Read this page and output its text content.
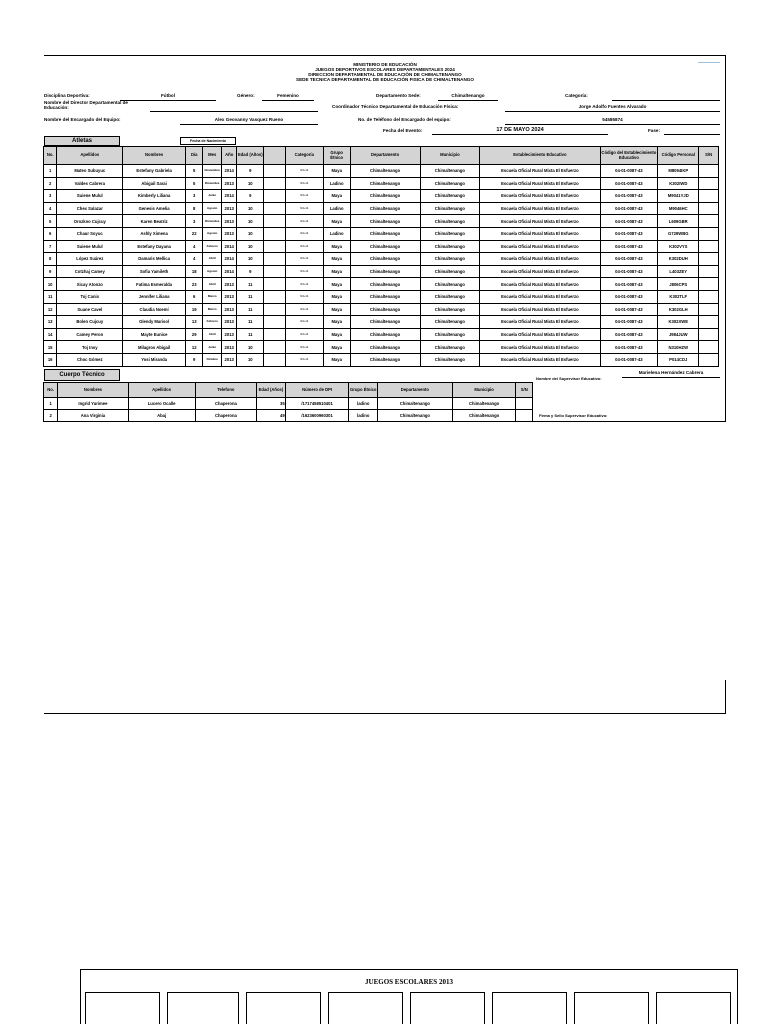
MINISTERIO DE EDUCACIÓN
JUEGOS DEPORTIVOS ESCOLARES DEPARTAMENTALES 2024
DIRECCION DEPARTAMENTAL DE EDUCACIÓN DE CHIMALTENANGO
SEDE TECNICA DEPARTAMENTAL DE EDUCACIÓN FISICA DE CHIMALTENANGO
Disciplina Deportiva:	Fútbol	Género:	Femenino	Departamento Sede:	Chimaltenango	Categoría:
Nombre del Director Departamental de
Educación:	Coordinador Técnico Departamental de Educación Física:	Jorge Adolfo Fuentes Alvarado
Nombre del Encargado del Equipo:	Alex Geovanny Vasquez Rueno	No. de Teléfono del Encargado del equipo:	54586874
Fecha del Evento:	17 DE MAYO 2024	Fase:
Atletas	Fecha de Nacimiento
No.	Apellidos	Nombres	Día	Mes	Año	Edad (Años)		Categoría	Grupo Étnico	Departamento	Municipio	Establecimiento Educativo	Código del Establecimiento Educativo	Código Personal	S/N
1	Mateo Subuyuc	Estefany Gabriela	5	Noviembre	2014	9		N/A-14	Maya	Chimaltenango	Chimaltenango	Escuela Oficial Rural Mixta El Esfuerzo	04-01-0087-43	M8094IKP	
2	Valdes Cabrera	Abigail Sarai	5	Diciembre	2013	10		N/A-14	Ladino	Chimaltenango	Chimaltenango	Escuela Oficial Rural Mixta El Esfuerzo	04-01-0087-43	K302IWD	
3	Suiene Mulul	Kimberly Liliana	3	Junio	2014	9		N/A-14	Maya	Chimaltenango	Chimaltenango	Escuela Oficial Rural Mixta El Esfuerzo	04-01-0087-43	M9041YJD	
4	Chex Salazar	Genesis Amelia	8	Agosto	2013	10		N/A-14	Ladino	Chimaltenango	Chimaltenango	Escuela Oficial Rural Mixta El Esfuerzo	04-01-0087-43	M9046HC	
5	Orozkno Cujcuy	Karen Beatriz	3	Diciembre	2013	10		N/A-14	Maya	Chimaltenango	Chimaltenango	Escuela Oficial Rural Mixta El Esfuerzo	04-01-0087-43	L609GBR	
6	Chaur Soyuc	Ashly Ximena	22	Agosto	2013	10		N/A-14	Ladino	Chimaltenango	Chimaltenango	Escuela Oficial Rural Mixta El Esfuerzo	04-01-0087-43	G729WBG	
7	Suiene Mulul	Estefany Dayana	4	Febrero	2014	10		N/A-14	Maya	Chimaltenango	Chimaltenango	Escuela Oficial Rural Mixta El Esfuerzo	04-01-0087-43	K302VYS	
8	López Suárez	Damaris Mellica	4	Abril	2014	10		N/A-14	Maya	Chimaltenango	Chimaltenango	Escuela Oficial Rural Mixta El Esfuerzo	04-01-0087-43	K302DUH	
9	Cotzhaj Camey	Sofia Yamileth	18	Agosto	2014	9		N/A-14	Maya	Chimaltenango	Chimaltenango	Escuela Oficial Rural Mixta El Esfuerzo	04-01-0087-43	L403ZEY	
10	Xicay Atonzo	Fatima Esmeralda	23	Abril	2013	11		N/A-14	Maya	Chimaltenango	Chimaltenango	Escuela Oficial Rural Mixta El Esfuerzo	04-01-0087-43	J806CPS	
11	Toj Canix	Jennifer Liliana	6	Marzo	2013	11		N/A-14	Maya	Chimaltenango	Chimaltenango	Escuela Oficial Rural Mixta El Esfuerzo	04-01-0087-43	K302TLF	
12	Suane Cavel	Claudia Noemí	19	Marzo	2013	11		N/A-14	Maya	Chimaltenango	Chimaltenango	Escuela Oficial Rural Mixta El Esfuerzo	04-01-0087-43	K302GLH	
13	Bolen Cujcuy	Glendy Marisol	13	Febrero	2013	11		N/A-14	Maya	Chimaltenango	Chimaltenango	Escuela Oficial Rural Mixta El Esfuerzo	04-01-0087-43	K302XWE	
14	Camey Peron	Mayte Eunice	29	Abril	2013	11		N/A-14	Maya	Chimaltenango	Chimaltenango	Escuela Oficial Rural Mixta El Esfuerzo	04-01-0087-43	J984JUW	
15	Toj Insy	Milagros Abigail	12	Junio	2013	10		N/A-14	Maya	Chimaltenango	Chimaltenango	Escuela Oficial Rural Mixta El Esfuerzo	04-01-0087-43	N310HZW	
16	Choc Gómez	Yosi Miranda	9	Octubre	2013	10		N/A-14	Maya	Chimaltenango	Chimaltenango	Escuela Oficial Rural Mixta El Esfuerzo	04-01-0087-43	P014CDJ	
Cuerpo Técnico
No.	Nombres	Apellidos	Telefono	Edad (Años)	Número de DPI	Grupo Étnico	Departamento	Municipio	S/N
1	Ingrid Yurimee	Lucero Ocalle	Chaperona	35	/1717458510401	ladino	Chimaltenango	Chimaltenango	
2	Ana Virginia	Abaj	Chaperona	49	/1623600960301	ladino	Chimaltenango	Chimaltenango	
Nombre del Supervisor Educativo:
Marielena Hernández Cabrera
Firma y Sello Supervisor Educativo:
JUEGOS ESCOLARES 2013
